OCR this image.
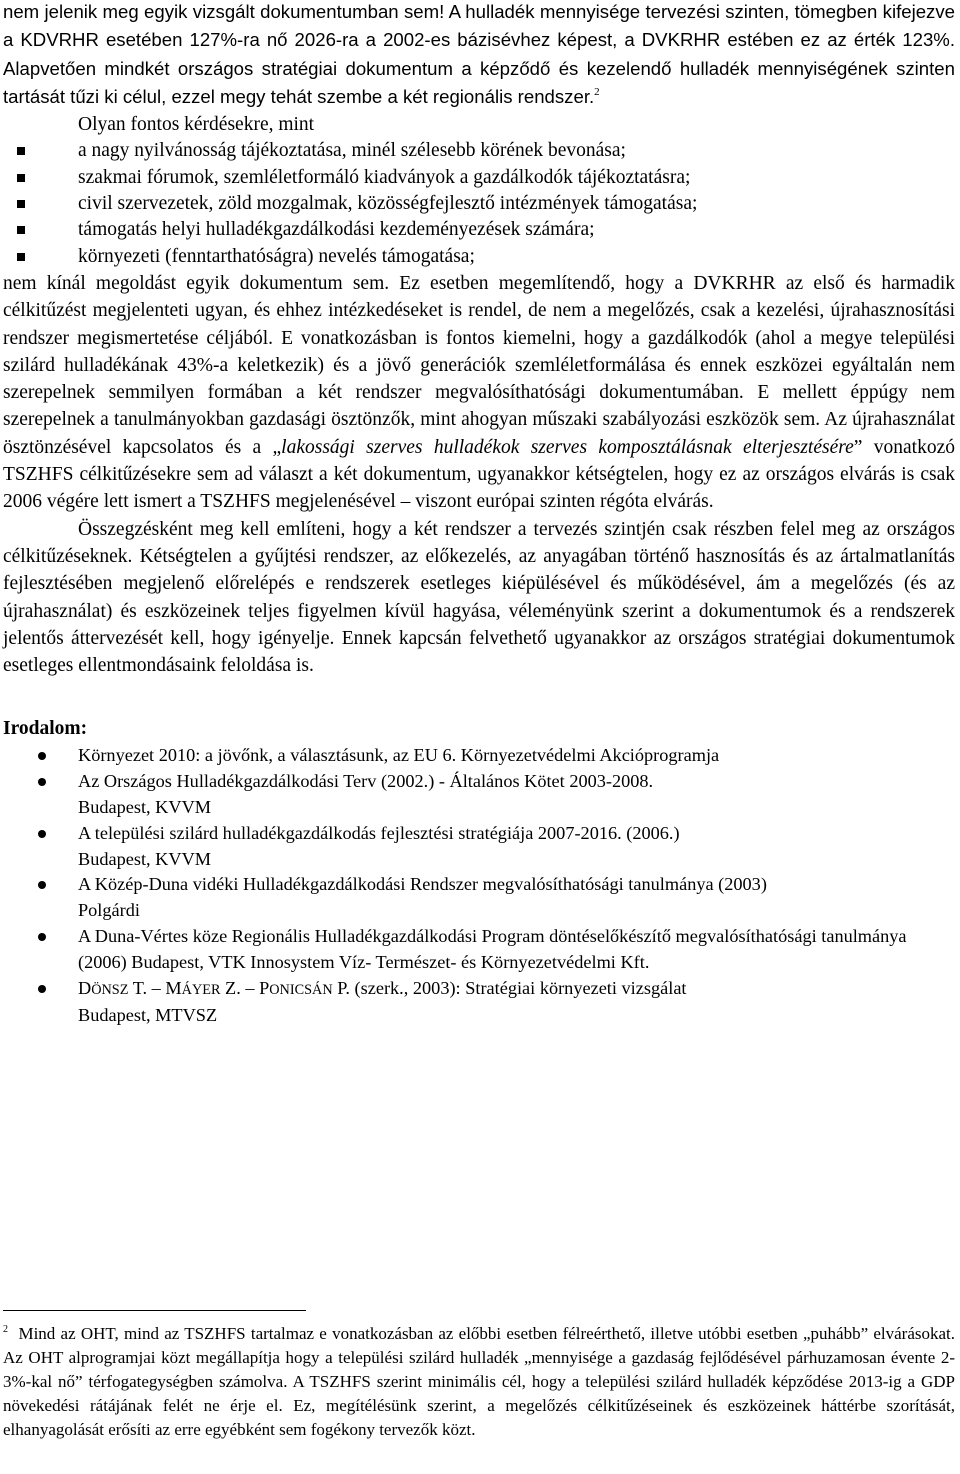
nem jelenik meg egyik vizsgált dokumentumban sem! A hulladék mennyisége tervezési szinten, tömegben kifejezve a KDVRHR esetében 127%-ra nő 2026-ra a 2002-es bázisévhez képest, a DVKRHR estében ez az érték 123%. Alapvetően mindkét országos stratégiai dokumentum a képződő és kezelendő hulladék mennyiségének szinten tartását tűzi ki célul, ezzel megy tehát szembe a két regionális rendszer.$^2$

Olyan fontos kérdésekre, mint

a nagy nyilvánosság tájékoztatása, minél szélesebb körének bevonása;
szakmai fórumok, szemléletformáló kiadványok a gazdálkodók tájékoztatásra;
civil szervezetek, zöld mozgalmak, közösségfejlesztő intézmények támogatása;
támogatás helyi hulladékgazdálkodási kezdeményezések számára;
környezeti (fenntarthatóságra) nevelés támogatása;

nem kínál megoldást egyik dokumentum sem. Ez esetben megemlítendő, hogy a DVKRHR az első és harmadik célkitűzést megjelenteti ugyan, és ehhez intézkedéseket is rendel, de nem a megelőzés, csak a kezelési, újrahasznosítási rendszer megismertetése céljából. E vonatkozásban is fontos kiemelni, hogy a gazdálkodók (ahol a megye települési szilárd hulladékának 43%-a keletkezik) és a jövő generációk szemléletformálása és ennek eszközei egyáltalán nem szerepelnek semmilyen formában a két rendszer megvalósíthatósági dokumentumában. E mellett éppúgy nem szerepelnek a tanulmányokban gazdasági ösztönzők, mint ahogyan műszaki szabályozási eszközök sem. Az újrahasználat ösztönzésével kapcsolatos és a „lakossági szerves hulladékok szerves komposztálásnak elterjesztésére” vonatkozó TSZHFS célkitűzésekre sem ad választ a két dokumentum, ugyanakkor kétségtelen, hogy ez az országos elvárás is csak 2006 végére lett ismert a TSZHFS megjelenésével – viszont európai szinten régóta elvárás.

Összegzésként meg kell említeni, hogy a két rendszer a tervezés szintjén csak részben felel meg az országos célkitűzéseknek. Kétségtelen a gyűjtési rendszer, az előkezelés, az anyagában történő hasznosítás és az ártalmatlanítás fejlesztésében megjelenő előrelépés e rendszerek esetleges kiépülésével és működésével, ám a megelőzés (és az újrahasználat) és eszközeinek teljes figyelmen kívül hagyása, véleményünk szerint a dokumentumok és a rendszerek jelentős áttervezését kell, hogy igényelje. Ennek kapcsán felvethető ugyanakkor az országos stratégiai dokumentumok esetleges ellentmondásaink feloldása is.

Irodalom:
Környezet 2010: a jövőnk, a választásunk, az EU 6. Környezetvédelmi Akcióprogramja
Az Országos Hulladékgazdálkodási Terv (2002.) - Általános Kötet 2003-2008.
Budapest, KVVM
A települési szilárd hulladékgazdálkodás fejlesztési stratégiája 2007-2016. (2006.)
Budapest, KVVM
A Közép-Duna vidéki Hulladékgazdálkodási Rendszer megvalósíthatósági tanulmánya (2003)
Polgárdi
A Duna-Vértes köze Regionális Hulladékgazdálkodási Program döntéselőkészítő megvalósíthatósági tanulmánya (2006) Budapest, VTK Innosystem Víz- Természet- és Környezetvédelmi Kft.
DÖNSZ T. – MÁYER Z. – PONICSÁN P. (szerk., 2003): Stratégiai környezeti vizsgálat
Budapest, MTVSZ
$^2$ Mind az OHT, mind az TSZHFS tartalmaz e vonatkozásban az előbbi esetben félreérthető, illetve utóbbi esetben „puhább” elvárásokat. Az OHT alprogramjai közt megállapítja hogy a települési szilárd hulladék „mennyisége a gazdaság fejlődésével párhuzamosan évente 2-3%-kal nő” térfogategységben számolva. A TSZHFS szerint minimális cél, hogy a települési szilárd hulladék képződése 2013-ig a GDP növekedési rátájának felét ne érje el. Ez, megítélésünk szerint, a megelőzés célkitűzéseinek és eszközeinek háttérbe szorítását, elhanyagolását erősíti az erre egyébként sem fogékony tervezők közt.
